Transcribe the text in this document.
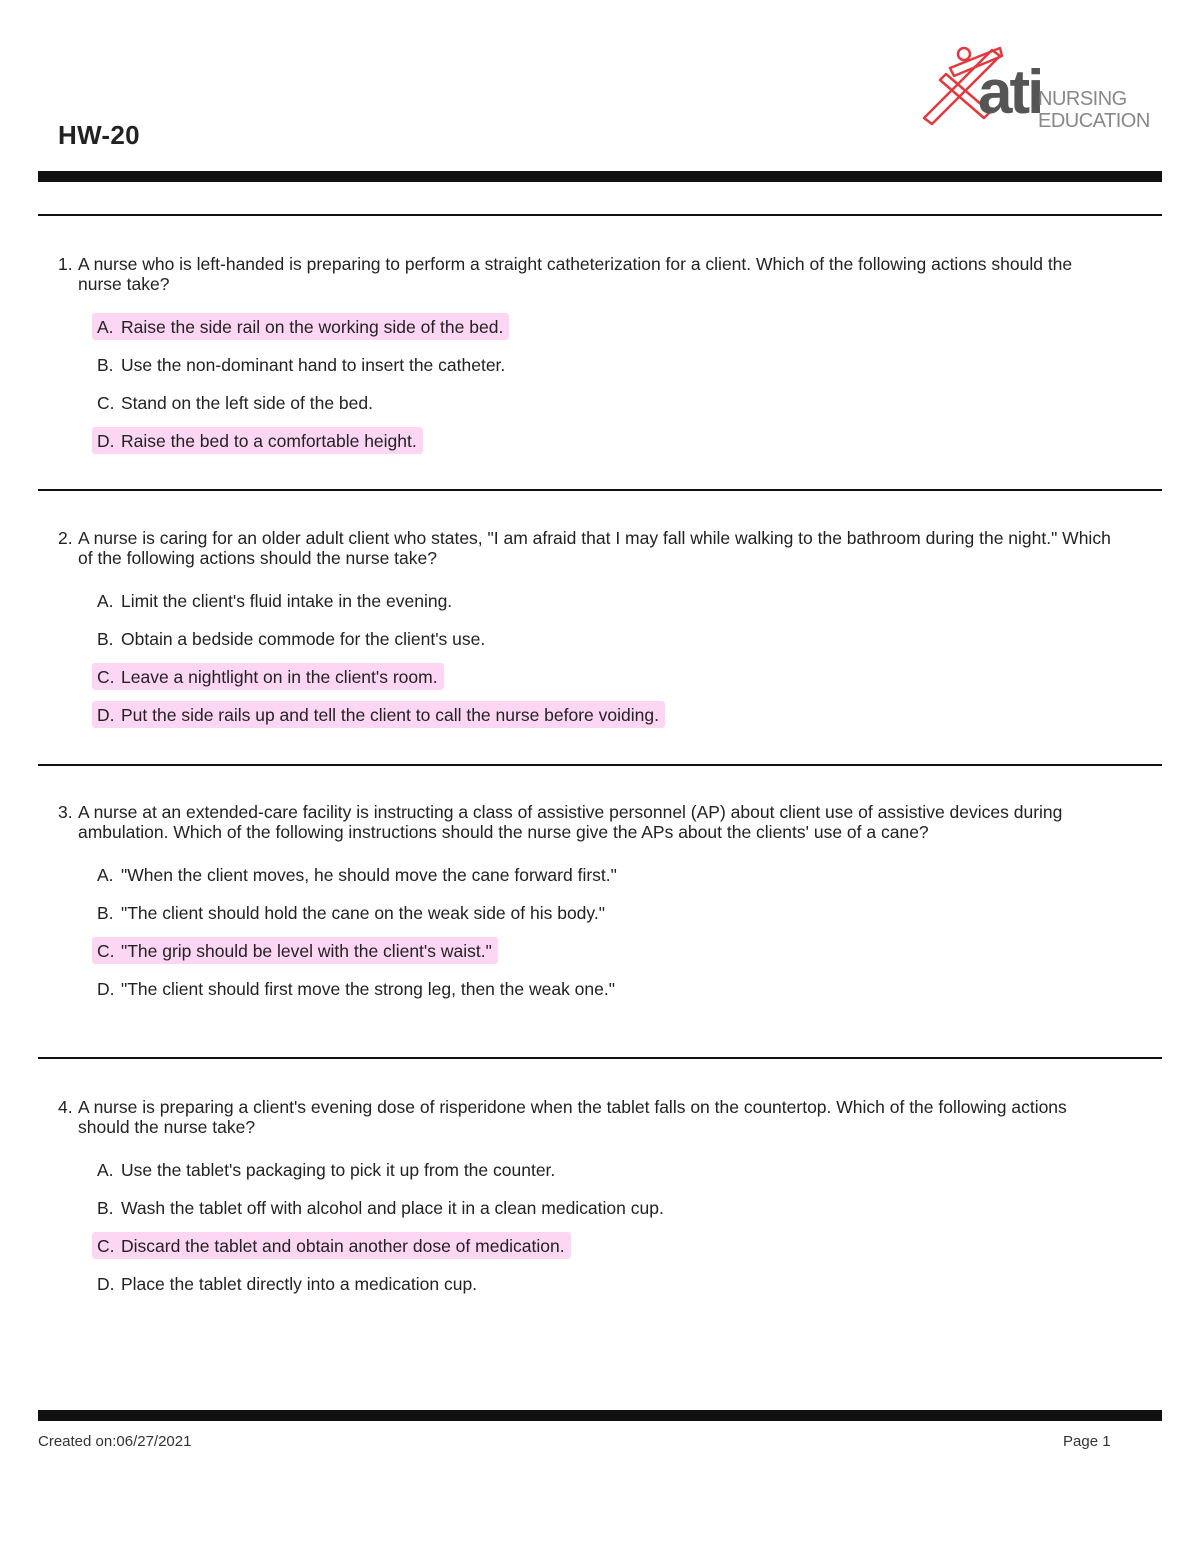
HW-20
ati
NURSING
EDUCATION

1. A nurse who is left-handed is preparing to perform a straight catheterization for a client. Which of the following actions should the nurse take?

A. Raise the side rail on the working side of the bed.
B. Use the non-dominant hand to insert the catheter.
C. Stand on the left side of the bed.
D. Raise the bed to a comfortable height.

2. A nurse is caring for an older adult client who states, "I am afraid that I may fall while walking to the bathroom during the night." Which of the following actions should the nurse take?

A. Limit the client's fluid intake in the evening.
B. Obtain a bedside commode for the client's use.
C. Leave a nightlight on in the client's room.
D. Put the side rails up and tell the client to call the nurse before voiding.

3. A nurse at an extended-care facility is instructing a class of assistive personnel (AP) about client use of assistive devices during ambulation. Which of the following instructions should the nurse give the APs about the clients' use of a cane?

A. "When the client moves, he should move the cane forward first."
B. "The client should hold the cane on the weak side of his body."
C. "The grip should be level with the client's waist."
D. "The client should first move the strong leg, then the weak one."

4. A nurse is preparing a client's evening dose of risperidone when the tablet falls on the countertop. Which of the following actions should the nurse take?

A. Use the tablet's packaging to pick it up from the counter.
B. Wash the tablet off with alcohol and place it in a clean medication cup.
C. Discard the tablet and obtain another dose of medication.
D. Place the tablet directly into a medication cup.
Created on:06/27/2021	Page 1
